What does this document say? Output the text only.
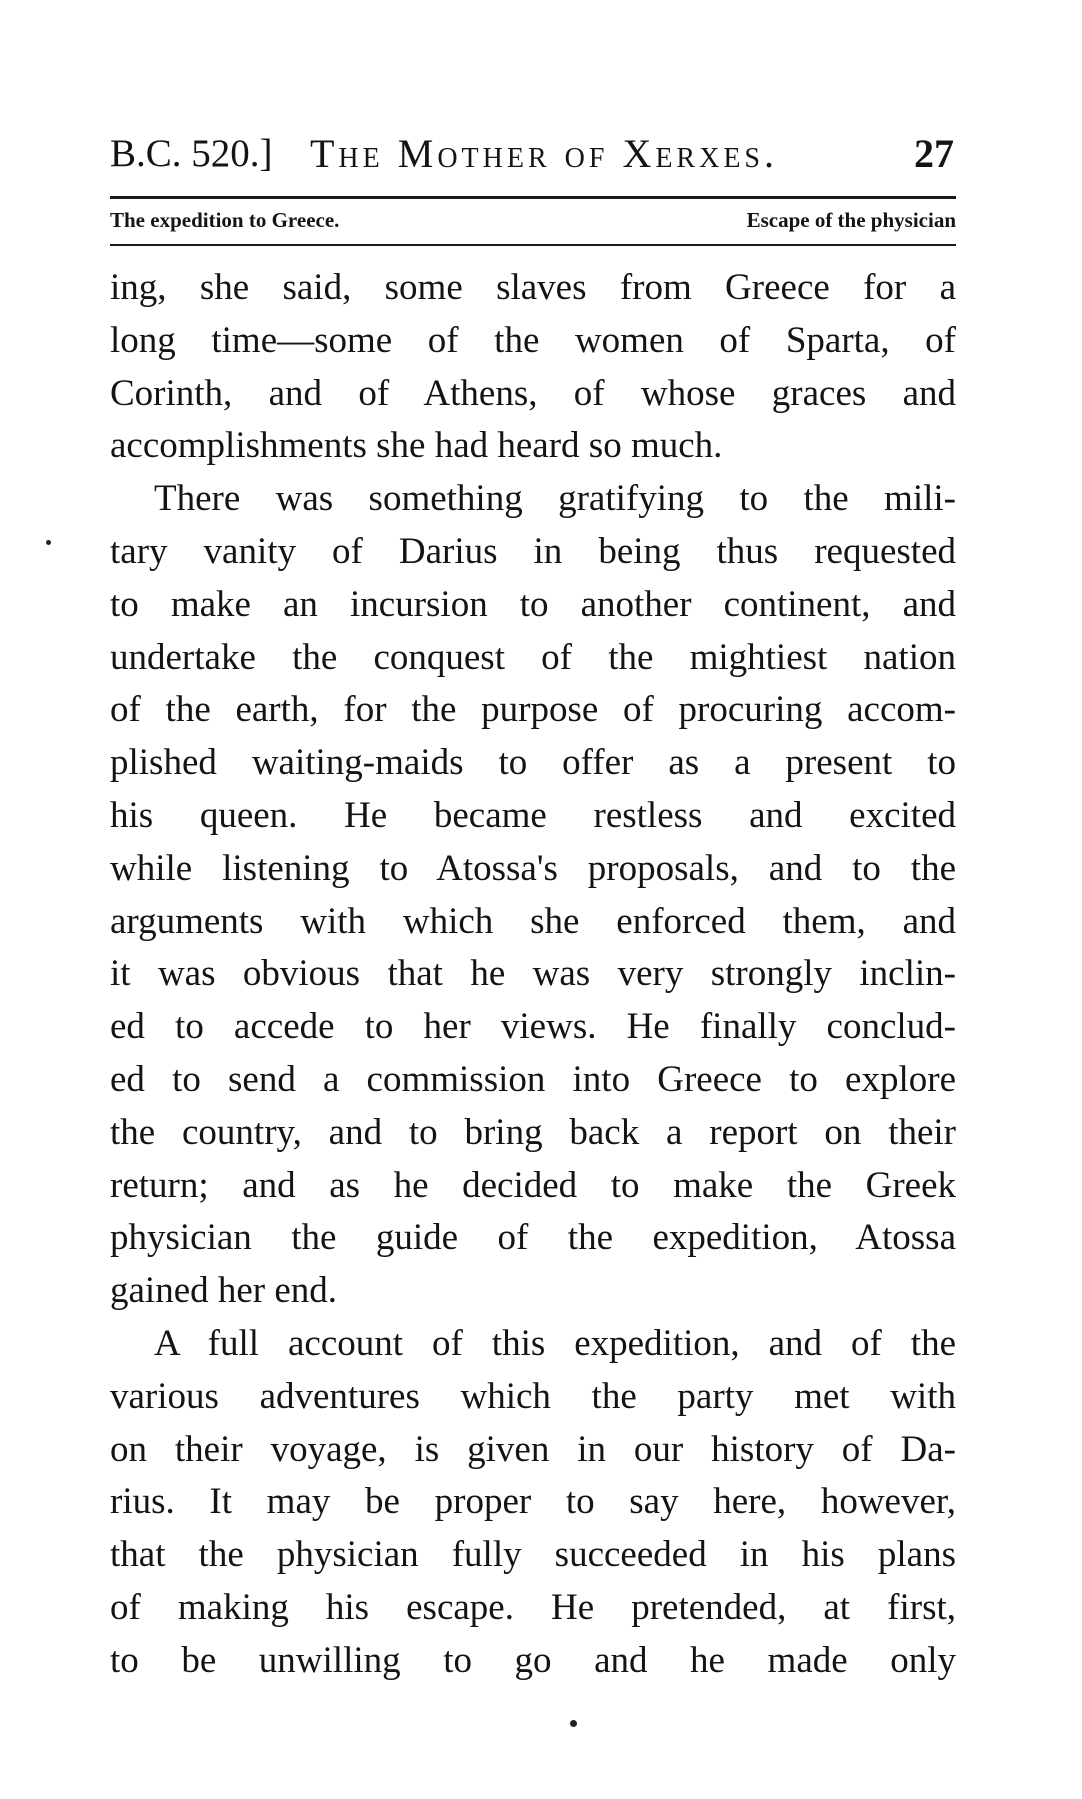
B.C. 520.] The Mother of Xerxes.	27
The expedition to Greece.	Escape of the physician
ing, she said, some slaves from Greece for a
long time—some of the women of Sparta, of
Corinth, and of Athens, of whose graces and
accomplishments she had heard so much.
There was something gratifying to the mili-
tary vanity of Darius in being thus requested
to make an incursion to another continent, and
undertake the conquest of the mightiest nation
of the earth, for the purpose of procuring accom-
plished waiting-maids to offer as a present to
his queen. He became restless and excited
while listening to Atossa's proposals, and to the
arguments with which she enforced them, and
it was obvious that he was very strongly inclin-
ed to accede to her views. He finally conclud-
ed to send a commission into Greece to explore
the country, and to bring back a report on their
return; and as he decided to make the Greek
physician the guide of the expedition, Atossa
gained her end.
A full account of this expedition, and of the
various adventures which the party met with
on their voyage, is given in our history of Da-
rius. It may be proper to say here, however,
that the physician fully succeeded in his plans
of making his escape. He pretended, at first,
to be unwilling to go and he made only
